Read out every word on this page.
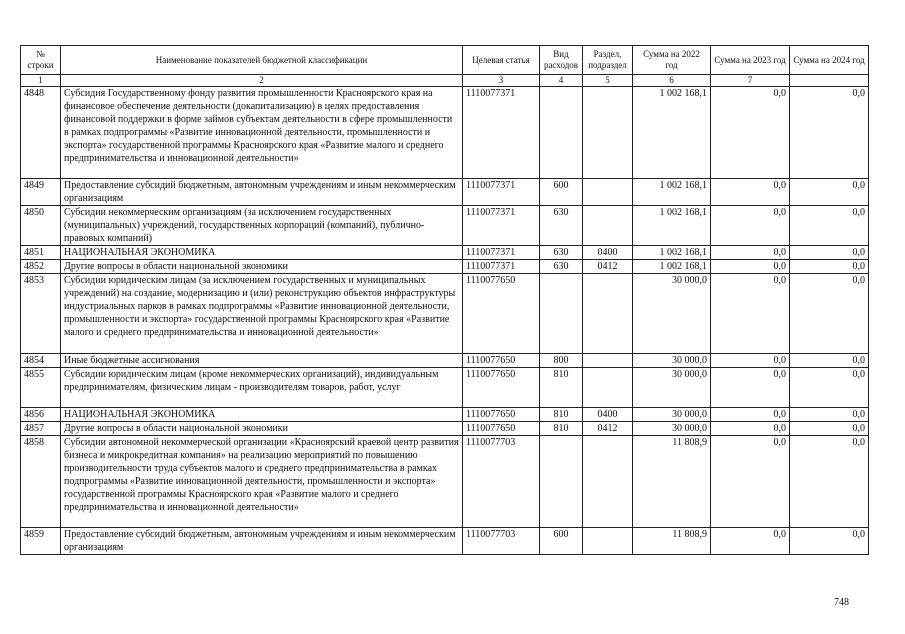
№ строки	Наименование показателей бюджетной классификации	Целевая статья	Вид расходов	Раздел, подраздел	Сумма на 2022 год	Сумма на 2023 год	Сумма на 2024 год
1	2	3	4	5	6	7	
4848	Субсидия Государственному фонду развития промышленности Красноярского края на финансовое обеспечение деятельности (докапитализацию) в целях предоставления финансовой поддержки в форме займов субъектам деятельности в сфере промышленности в рамках подпрограммы «Развитие инновационной деятельности, промышленности и экспорта» государственной программы Красноярского края «Развитие малого и среднего предпринимательства и инновационной деятельности»	1110077371			1 002 168,1	0,0	0,0
4849	Предоставление субсидий бюджетным, автономным учреждениям и иным некоммерческим организациям	1110077371	600		1 002 168,1	0,0	0,0
4850	Субсидии некоммерческим организациям (за исключением государственных (муниципальных) учреждений, государственных корпораций (компаний), публично-правовых компаний)	1110077371	630		1 002 168,1	0,0	0,0
4851	НАЦИОНАЛЬНАЯ ЭКОНОМИКА	1110077371	630	0400	1 002 168,1	0,0	0,0
4852	Другие вопросы в области национальной экономики	1110077371	630	0412	1 002 168,1	0,0	0,0
4853	Субсидии юридическим лицам (за исключением государственных и муниципальных учреждений) на создание, модернизацию и (или) реконструкцию объектов инфраструктуры индустриальных парков в рамках подпрограммы «Развитие инновационной деятельности, промышленности и экспорта» государственной программы Красноярского края «Развитие малого и среднего предпринимательства и инновационной деятельности»	1110077650			30 000,0	0,0	0,0
4854	Иные бюджетные ассигнования	1110077650	800		30 000,0	0,0	0,0
4855	Субсидии юридическим лицам (кроме некоммерческих организаций), индивидуальным предпринимателям, физическим лицам - производителям товаров, работ, услуг	1110077650	810		30 000,0	0,0	0,0
4856	НАЦИОНАЛЬНАЯ ЭКОНОМИКА	1110077650	810	0400	30 000,0	0,0	0,0
4857	Другие вопросы в области национальной экономики	1110077650	810	0412	30 000,0	0,0	0,0
4858	Субсидии автономной некоммерческой организации «Красноярский краевой центр развития бизнеса и микрокредитная компания» на реализацию мероприятий по повышению производительности труда субъектов малого и среднего предпринимательства в рамках подпрограммы «Развитие инновационной деятельности, промышленности и экспорта» государственной программы Красноярского края «Развитие малого и среднего предпринимательства и инновационной деятельности»	1110077703			11 808,9	0,0	0,0
4859	Предоставление субсидий бюджетным, автономным учреждениям и иным некоммерческим организациям	1110077703	600		11 808,9	0,0	0,0
748
